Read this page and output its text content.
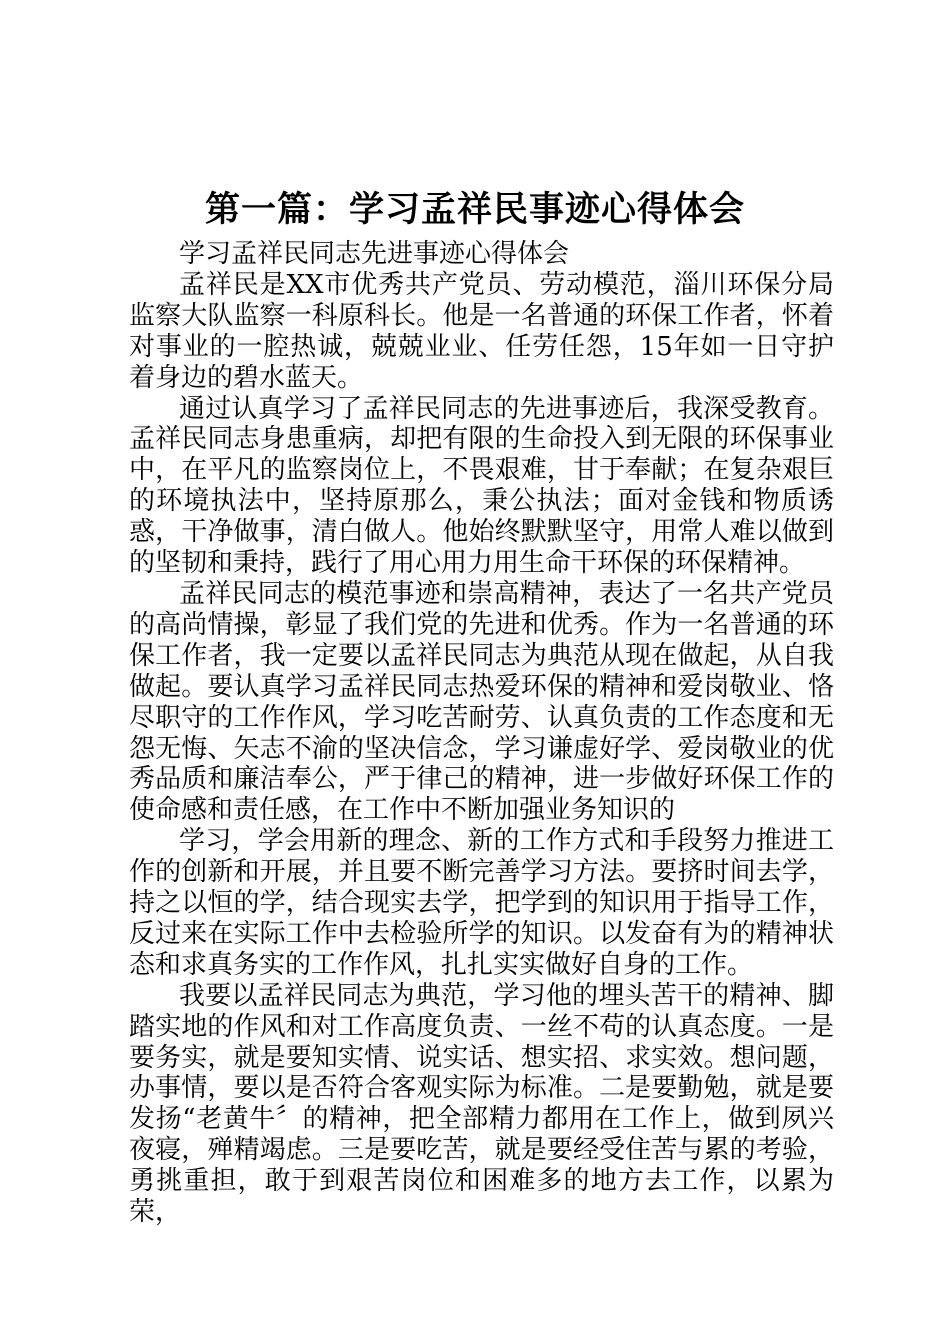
第一篇：学习孟祥民事迹心得体会

学习孟祥民同志先进事迹心得体会

孟祥民是XX市优秀共产党员、劳动模范，淄川环保分局监察大队监察一科原科长。他是一名普通的环保工作者，怀着对事业的一腔热诚，兢兢业业、任劳任怨，15年如一日守护着身边的碧水蓝天。

通过认真学习了孟祥民同志的先进事迹后，我深受教育。孟祥民同志身患重病，却把有限的生命投入到无限的环保事业中，在平凡的监察岗位上，不畏艰难，甘于奉献；在复杂艰巨的环境执法中，坚持原那么，秉公执法；面对金钱和物质诱惑，干净做事，清白做人。他始终默默坚守，用常人难以做到的坚韧和秉持，践行了用心用力用生命干环保的环保精神。

孟祥民同志的模范事迹和崇高精神，表达了一名共产党员的高尚情操，彰显了我们党的先进和优秀。作为一名普通的环保工作者，我一定要以孟祥民同志为典范从现在做起，从自我做起。要认真学习孟祥民同志热爱环保的精神和爱岗敬业、恪尽职守的工作作风，学习吃苦耐劳、认真负责的工作态度和无怨无悔、矢志不渝的坚决信念，学习谦虚好学、爱岗敬业的优秀品质和廉洁奉公，严于律己的精神，进一步做好环保工作的使命感和责任感，在工作中不断加强业务知识的

学习，学会用新的理念、新的工作方式和手段努力推进工作的创新和开展，并且要不断完善学习方法。要挤时间去学，持之以恒的学，结合现实去学，把学到的知识用于指导工作，反过来在实际工作中去检验所学的知识。以发奋有为的精神状态和求真务实的工作作风，扎扎实实做好自身的工作。

我要以孟祥民同志为典范，学习他的埋头苦干的精神、脚踏实地的作风和对工作高度负责、一丝不苟的认真态度。一是要务实，就是要知实情、说实话、想实招、求实效。想问题，办事情，要以是否符合客观实际为标准。二是要勤勉，就是要发扬“老黄牛〞的精神，把全部精力都用在工作上，做到夙兴夜寝，殚精竭虑。三是要吃苦，就是要经受住苦与累的考验，勇挑重担，敢于到艰苦岗位和困难多的地方去工作，以累为荣，
